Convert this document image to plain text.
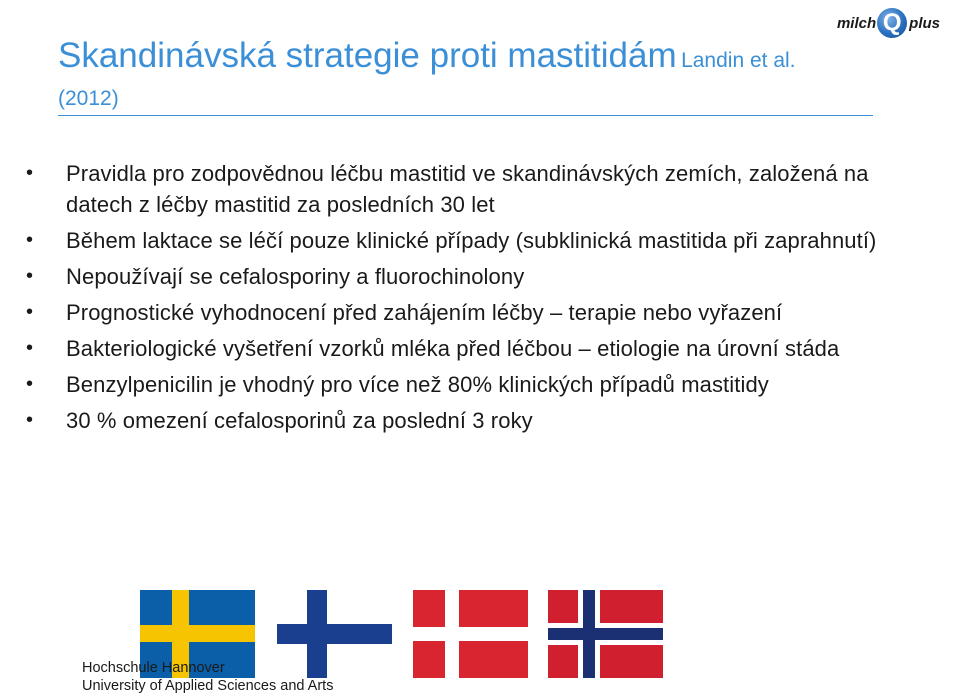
milch Q plus
Skandinávská strategie proti mastitidám Landin et al.
(2012)
• Pravidla pro zodpovědnou léčbu mastitid ve skandinávských zemích, založená na datech z léčby mastitid za posledních 30 let
• Během laktace se léčí pouze klinické případy (subklinická mastitida při zaprahnutí)
• Nepoužívají se cefalosporiny a fluorochinolony
• Prognostické vyhodnocení před zahájením léčby – terapie nebo vyřazení
• Bakteriologické vyšetření vzorků mléka před léčbou – etiologie na úrovní stáda
• Benzylpenicilin je vhodný pro více než 80% klinických případů mastitidy
• 30 % omezení cefalosporinů za poslední 3 roky
Hochschule Hannover
University of Applied Sciences and Arts
